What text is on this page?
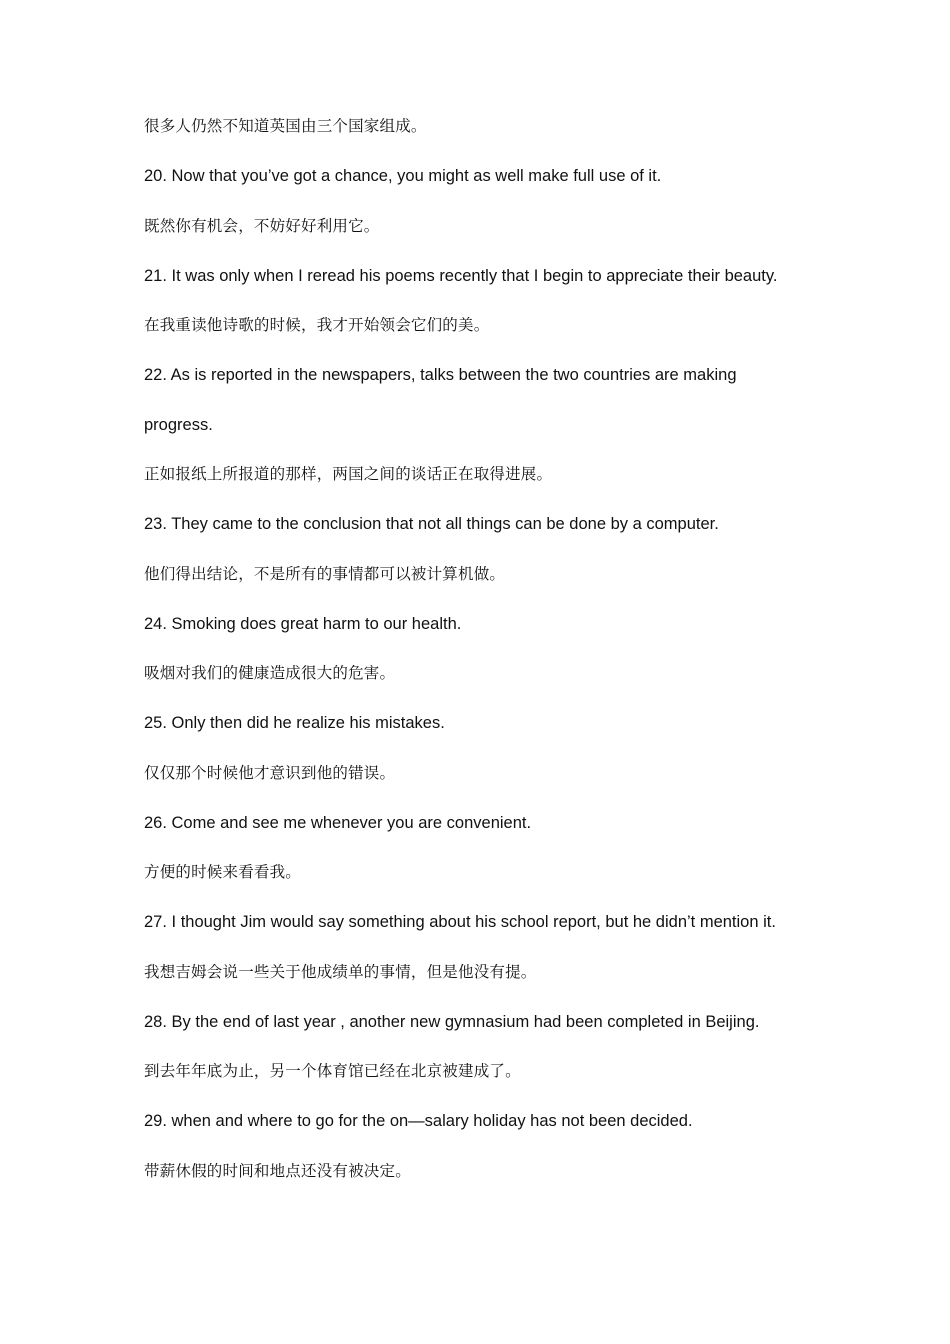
很多人仍然不知道英国由三个国家组成。
20. Now that you’ve got a chance, you might as well make full use of it.
既然你有机会，不妨好好利用它。
21. It was only when I reread his poems recently that I begin to appreciate their beauty.
在我重读他诗歌的时候，我才开始领会它们的美。
22. As is reported in the newspapers, talks between the two countries are making
progress.
正如报纸上所报道的那样，两国之间的谈话正在取得进展。
23. They came to the conclusion that not all things can be done by a computer.
他们得出结论，不是所有的事情都可以被计算机做。
24. Smoking does great harm to our health.
吸烟对我们的健康造成很大的危害。
25. Only then did he realize his mistakes.
仅仅那个时候他才意识到他的错误。
26. Come and see me whenever you are convenient.
方便的时候来看看我。
27. I thought Jim would say something about his school report, but he didn’t mention it.
我想吉姆会说一些关于他成绩单的事情，但是他没有提。
28. By the end of last year , another new gymnasium had been completed in Beijing.
到去年年底为止，另一个体育馆已经在北京被建成了。
29. when and where to go for the on—salary holiday has not been decided.
带薪休假的时间和地点还没有被决定。
